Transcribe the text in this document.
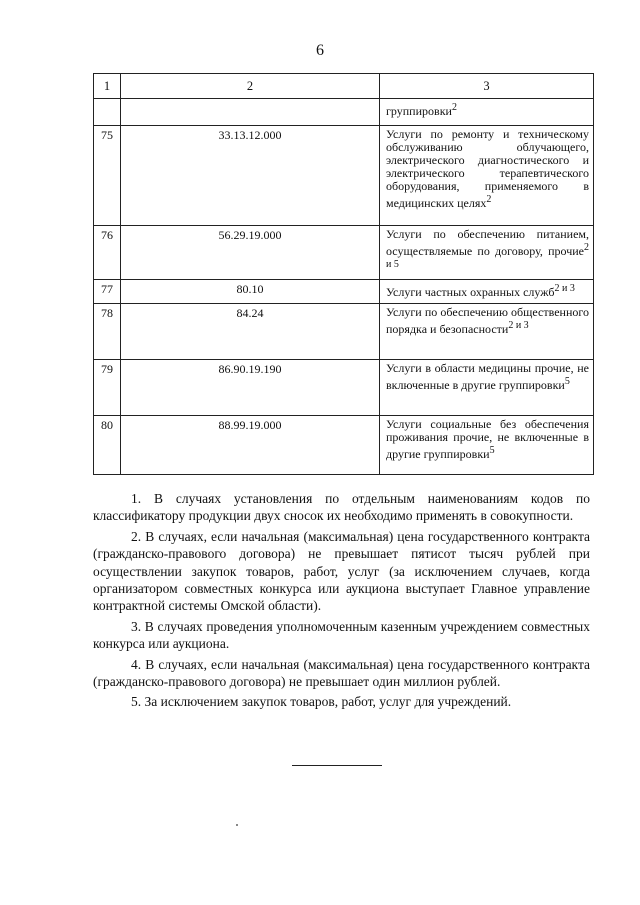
6
1	2	3

		группировки$^2$

75	33.13.12.000	Услуги по ремонту и техническому обслуживанию облучающего, электрического диагностического и электрического терапевтического оборудования, применяемого в медицинских целях$^2$

76	56.29.19.000	Услуги по обеспечению питанием, осуществляемые по договору, прочие$^{2 и 5}$

77	80.10	Услуги частных охранных служб$^{2 и 3}$

78	84.24	Услуги по обеспечению общественного порядка и безопасности$^{2 и 3}$

79	86.90.19.190	Услуги в области медицины прочие, не включенные в другие группировки$^5$

80	88.99.19.000	Услуги социальные без обеспечения проживания прочие, не включенные в другие группировки$^5$

1. В случаях установления по отдельным наименованиям кодов по классификатору продукции двух сносок их необходимо применять в совокупности.

2. В случаях, если начальная (максимальная) цена государственного контракта (гражданско-правового договора) не превышает пятисот тысяч рублей при осуществлении закупок товаров, работ, услуг (за исключением случаев, когда организатором совместных конкурса или аукциона выступает Главное управление контрактной системы Омской области).

3. В случаях проведения уполномоченным казенным учреждением совместных конкурса или аукциона.

4. В случаях, если начальная (максимальная) цена государственного контракта (гражданско-правового договора) не превышает один миллион рублей.

5. За исключением закупок товаров, работ, услуг для учреждений.
